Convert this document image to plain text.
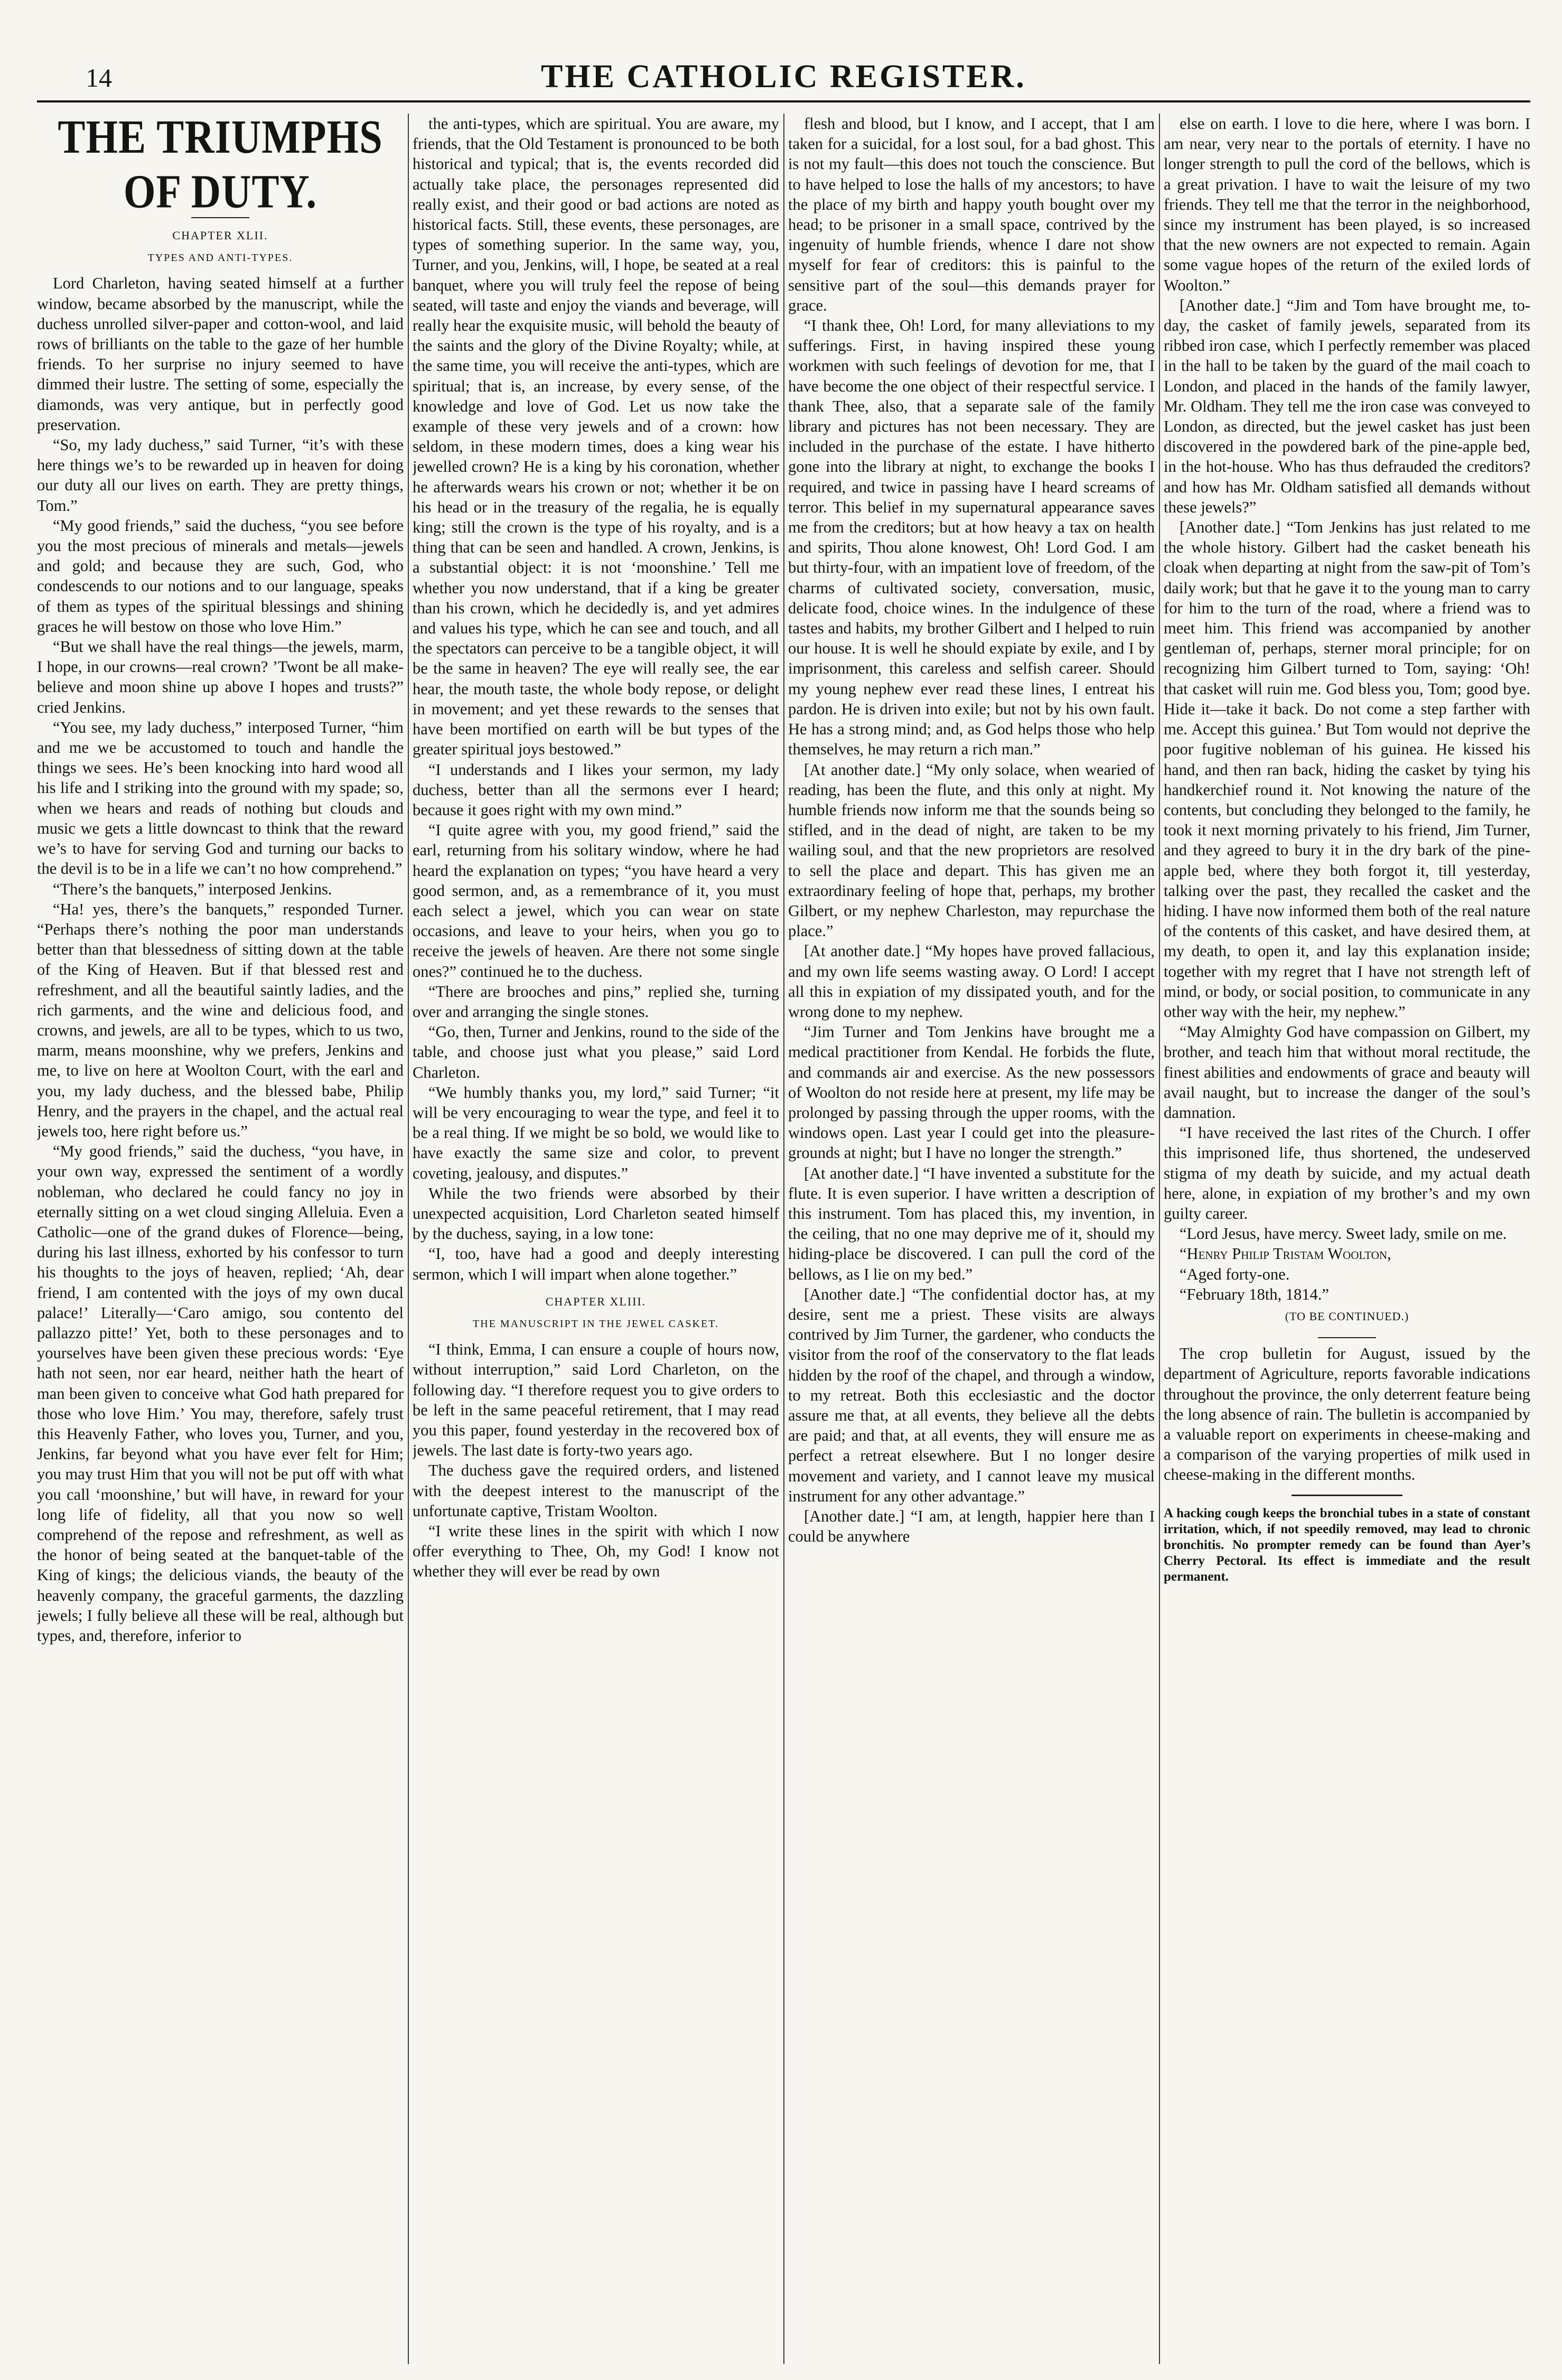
14	THE CATHOLIC REGISTER.
THE TRIUMPHS OF DUTY.
CHAPTER XLII.
TYPES AND ANTI-TYPES.

Lord Charleton, having seated himself at a further window, became absorbed by the manuscript, while the duchess unrolled silver-paper and cotton-wool, and laid rows of brilliants on the table to the gaze of her humble friends. To her surprise no injury seemed to have dimmed their lustre. The setting of some, especially the diamonds, was very antique, but in perfectly good preservation.

“So, my lady duchess,” said Turner, “it’s with these here things we’s to be rewarded up in heaven for doing our duty all our lives on earth. They are pretty things, Tom.”

“My good friends,” said the duchess, “you see before you the most precious of minerals and metals—jewels and gold; and because they are such, God, who condescends to our notions and to our language, speaks of them as types of the spiritual blessings and shining graces he will bestow on those who love Him.”

“But we shall have the real things—the jewels, marm, I hope, in our crowns—real crown? ’Twont be all make-believe and moon shine up above I hopes and trusts?” cried Jenkins.

“You see, my lady duchess,” interposed Turner, “him and me we be accustomed to touch and handle the things we sees. He’s been knocking into hard wood all his life and I striking into the ground with my spade; so, when we hears and reads of nothing but clouds and music we gets a little downcast to think that the reward we’s to have for serving God and turning our backs to the devil is to be in a life we can’t no how comprehend.”

“There’s the banquets,” interposed Jenkins.

“Ha! yes, there’s the banquets,” responded Turner. “Perhaps there’s nothing the poor man understands better than that blessedness of sitting down at the table of the King of Heaven. But if that blessed rest and refreshment, and all the beautiful saintly ladies, and the rich garments, and the wine and delicious food, and crowns, and jewels, are all to be types, which to us two, marm, means moonshine, why we prefers, Jenkins and me, to live on here at Woolton Court, with the earl and you, my lady duchess, and the blessed babe, Philip Henry, and the prayers in the chapel, and the actual real jewels too, here right before us.”

“My good friends,” said the duchess, “you have, in your own way, expressed the sentiment of a wordly nobleman, who declared he could fancy no joy in eternally sitting on a wet cloud singing Alleluia. Even a Catholic—one of the grand dukes of Florence—being, during his last illness, exhorted by his confessor to turn his thoughts to the joys of heaven, replied; ‘Ah, dear friend, I am contented with the joys of my own ducal palace!’ Literally—‘Caro amigo, sou contento del pallazzo pitte!’ Yet, both to these personages and to yourselves have been given these precious words: ‘Eye hath not seen, nor ear heard, neither hath the heart of man been given to conceive what God hath prepared for those who love Him.’ You may, therefore, safely trust this Heavenly Father, who loves you, Turner, and you, Jenkins, far beyond what you have ever felt for Him; you may trust Him that you will not be put off with what you call ‘moonshine,’ but will have, in reward for your long life of fidelity, all that you now so well comprehend of the repose and refreshment, as well as the honor of being seated at the banquet-table of the King of kings; the delicious viands, the beauty of the heavenly company, the graceful garments, the dazzling jewels; I fully believe all these will be real, although but types, and, therefore, inferior to

the anti-types, which are spiritual. You are aware, my friends, that the Old Testament is pronounced to be both historical and typical; that is, the events recorded did actually take place, the personages represented did really exist, and their good or bad actions are noted as historical facts. Still, these events, these personages, are types of something superior. In the same way, you, Turner, and you, Jenkins, will, I hope, be seated at a real banquet, where you will truly feel the repose of being seated, will taste and enjoy the viands and beverage, will really hear the exquisite music, will behold the beauty of the saints and the glory of the Divine Royalty; while, at the same time, you will receive the anti-types, which are spiritual; that is, an increase, by every sense, of the knowledge and love of God. Let us now take the example of these very jewels and of a crown: how seldom, in these modern times, does a king wear his jewelled crown? He is a king by his coronation, whether he afterwards wears his crown or not; whether it be on his head or in the treasury of the regalia, he is equally king; still the crown is the type of his royalty, and is a thing that can be seen and handled. A crown, Jenkins, is a substantial object: it is not ‘moonshine.’ Tell me whether you now understand, that if a king be greater than his crown, which he decidedly is, and yet admires and values his type, which he can see and touch, and all the spectators can perceive to be a tangible object, it will be the same in heaven? The eye will really see, the ear hear, the mouth taste, the whole body repose, or delight in movement; and yet these rewards to the senses that have been mortified on earth will be but types of the greater spiritual joys bestowed.”

“I understands and I likes your sermon, my lady duchess, better than all the sermons ever I heard; because it goes right with my own mind.”

“I quite agree with you, my good friend,” said the earl, returning from his solitary window, where he had heard the explanation on types; “you have heard a very good sermon, and, as a remembrance of it, you must each select a jewel, which you can wear on state occasions, and leave to your heirs, when you go to receive the jewels of heaven. Are there not some single ones?” continued he to the duchess.

“There are brooches and pins,” replied she, turning over and arranging the single stones.

“Go, then, Turner and Jenkins, round to the side of the table, and choose just what you please,” said Lord Charleton.

“We humbly thanks you, my lord,” said Turner; “it will be very encouraging to wear the type, and feel it to be a real thing. If we might be so bold, we would like to have exactly the same size and color, to prevent coveting, jealousy, and disputes.”

While the two friends were absorbed by their unexpected acquisition, Lord Charleton seated himself by the duchess, saying, in a low tone:

“I, too, have had a good and deeply interesting sermon, which I will impart when alone together.”

CHAPTER XLIII.
THE MANUSCRIPT IN THE JEWEL CASKET.

“I think, Emma, I can ensure a couple of hours now, without interruption,” said Lord Charleton, on the following day. “I therefore request you to give orders to be left in the same peaceful retirement, that I may read you this paper, found yesterday in the recovered box of jewels. The last date is forty-two years ago.

The duchess gave the required orders, and listened with the deepest interest to the manuscript of the unfortunate captive, Tristam Woolton.

“I write these lines in the spirit with which I now offer everything to Thee, Oh, my God! I know not whether they will ever be read by own

flesh and blood, but I know, and I accept, that I am taken for a suicidal, for a lost soul, for a bad ghost. This is not my fault—this does not touch the conscience. But to have helped to lose the halls of my ancestors; to have the place of my birth and happy youth bought over my head; to be prisoner in a small space, contrived by the ingenuity of humble friends, whence I dare not show myself for fear of creditors: this is painful to the sensitive part of the soul—this demands prayer for grace.

“I thank thee, Oh! Lord, for many alleviations to my sufferings. First, in having inspired these young workmen with such feelings of devotion for me, that I have become the one object of their respectful service. I thank Thee, also, that a separate sale of the family library and pictures has not been necessary. They are included in the purchase of the estate. I have hitherto gone into the library at night, to exchange the books I required, and twice in passing have I heard screams of terror. This belief in my supernatural appearance saves me from the creditors; but at how heavy a tax on health and spirits, Thou alone knowest, Oh! Lord God. I am but thirty-four, with an impatient love of freedom, of the charms of cultivated society, conversation, music, delicate food, choice wines. In the indulgence of these tastes and habits, my brother Gilbert and I helped to ruin our house. It is well he should expiate by exile, and I by imprisonment, this careless and selfish career. Should my young nephew ever read these lines, I entreat his pardon. He is driven into exile; but not by his own fault. He has a strong mind; and, as God helps those who help themselves, he may return a rich man.”

[At another date.] “My only solace, when wearied of reading, has been the flute, and this only at night. My humble friends now inform me that the sounds being so stifled, and in the dead of night, are taken to be my wailing soul, and that the new proprietors are resolved to sell the place and depart. This has given me an extraordinary feeling of hope that, perhaps, my brother Gilbert, or my nephew Charleston, may repurchase the place.”

[At another date.] “My hopes have proved fallacious, and my own life seems wasting away. O Lord! I accept all this in expiation of my dissipated youth, and for the wrong done to my nephew.

“Jim Turner and Tom Jenkins have brought me a medical practitioner from Kendal. He forbids the flute, and commands air and exercise. As the new possessors of Woolton do not reside here at present, my life may be prolonged by passing through the upper rooms, with the windows open. Last year I could get into the pleasure-grounds at night; but I have no longer the strength.”

[At another date.] “I have invented a substitute for the flute. It is even superior. I have written a description of this instrument. Tom has placed this, my invention, in the ceiling, that no one may deprive me of it, should my hiding-place be discovered. I can pull the cord of the bellows, as I lie on my bed.”

[Another date.] “The confidential doctor has, at my desire, sent me a priest. These visits are always contrived by Jim Turner, the gardener, who conducts the visitor from the roof of the conservatory to the flat leads hidden by the roof of the chapel, and through a window, to my retreat. Both this ecclesiastic and the doctor assure me that, at all events, they believe all the debts are paid; and that, at all events, they will ensure me as perfect a retreat elsewhere. But I no longer desire movement and variety, and I cannot leave my musical instrument for any other advantage.”

[Another date.] “I am, at length, happier here than I could be anywhere

else on earth. I love to die here, where I was born. I am near, very near to the portals of eternity. I have no longer strength to pull the cord of the bellows, which is a great privation. I have to wait the leisure of my two friends. They tell me that the terror in the neighborhood, since my instrument has been played, is so increased that the new owners are not expected to remain. Again some vague hopes of the return of the exiled lords of Woolton.”

[Another date.] “Jim and Tom have brought me, to-day, the casket of family jewels, separated from its ribbed iron case, which I perfectly remember was placed in the hall to be taken by the guard of the mail coach to London, and placed in the hands of the family lawyer, Mr. Oldham. They tell me the iron case was conveyed to London, as directed, but the jewel casket has just been discovered in the powdered bark of the pine-apple bed, in the hot-house. Who has thus defrauded the creditors? and how has Mr. Oldham satisfied all demands without these jewels?”

[Another date.] “Tom Jenkins has just related to me the whole history. Gilbert had the casket beneath his cloak when departing at night from the saw-pit of Tom’s daily work; but that he gave it to the young man to carry for him to the turn of the road, where a friend was to meet him. This friend was accompanied by another gentleman of, perhaps, sterner moral principle; for on recognizing him Gilbert turned to Tom, saying: ‘Oh! that casket will ruin me. God bless you, Tom; good bye. Hide it—take it back. Do not come a step farther with me. Accept this guinea.’ But Tom would not deprive the poor fugitive nobleman of his guinea. He kissed his hand, and then ran back, hiding the casket by tying his handkerchief round it. Not knowing the nature of the contents, but concluding they belonged to the family, he took it next morning privately to his friend, Jim Turner, and they agreed to bury it in the dry bark of the pine-apple bed, where they both forgot it, till yesterday, talking over the past, they recalled the casket and the hiding. I have now informed them both of the real nature of the contents of this casket, and have desired them, at my death, to open it, and lay this explanation inside; together with my regret that I have not strength left of mind, or body, or social position, to communicate in any other way with the heir, my nephew.”

“May Almighty God have compassion on Gilbert, my brother, and teach him that without moral rectitude, the finest abilities and endowments of grace and beauty will avail naught, but to increase the danger of the soul’s damnation.

“I have received the last rites of the Church. I offer this imprisoned life, thus shortened, the undeserved stigma of my death by suicide, and my actual death here, alone, in expiation of my brother’s and my own guilty career.

“Lord Jesus, have mercy. Sweet lady, smile on me.

“Henry Philip Tristam Woolton,

“Aged forty-one.

“February 18th, 1814.”

(TO BE CONTINUED.)

The crop bulletin for August, issued by the department of Agriculture, reports favorable indications throughout the province, the only deterrent feature being the long absence of rain. The bulletin is accompanied by a valuable report on experiments in cheese-making and a comparison of the varying properties of milk used in cheese-making in the different months.

A hacking cough keeps the bronchial tubes in a state of constant irritation, which, if not speedily removed, may lead to chronic bronchitis. No prompter remedy can be found than Ayer’s Cherry Pectoral. Its effect is immediate and the result permanent.
